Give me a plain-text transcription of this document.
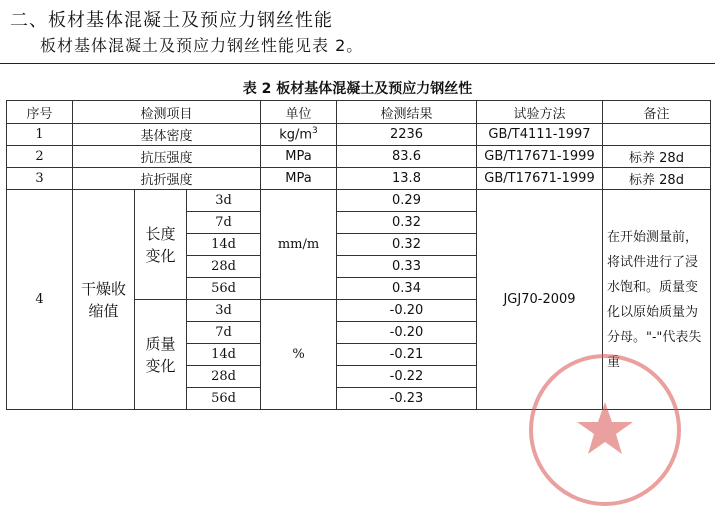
二、板材基体混凝土及预应力钢丝性能
板材基体混凝土及预应力钢丝性能见表 2。
表 2 板材基体混凝土及预应力钢丝性
序号	检测项目			单位	检测结果	试验方法	备注
1	基体密度			$kg/m^3$	2236	GB/T4111-1997	
2	抗压强度			MPa	83.6	GB/T17671-1999	标养 28d
3	抗折强度			MPa	13.8	GB/T17671-1999	标养 28d
4	干燥收缩值	长度变化	3d	mm/m	0.29	JGJ70-2009	在开始测量前，将试件进行了浸水饱和。质量变化以原始质量为分母。"-"代表失重
			7d		0.32		
			14d		0.32		
			28d		0.33		
			56d		0.34		
		质量变化	3d	%	-0.20		
			7d		-0.20		
			14d		-0.21		
			28d		-0.22		
			56d		-0.23		
